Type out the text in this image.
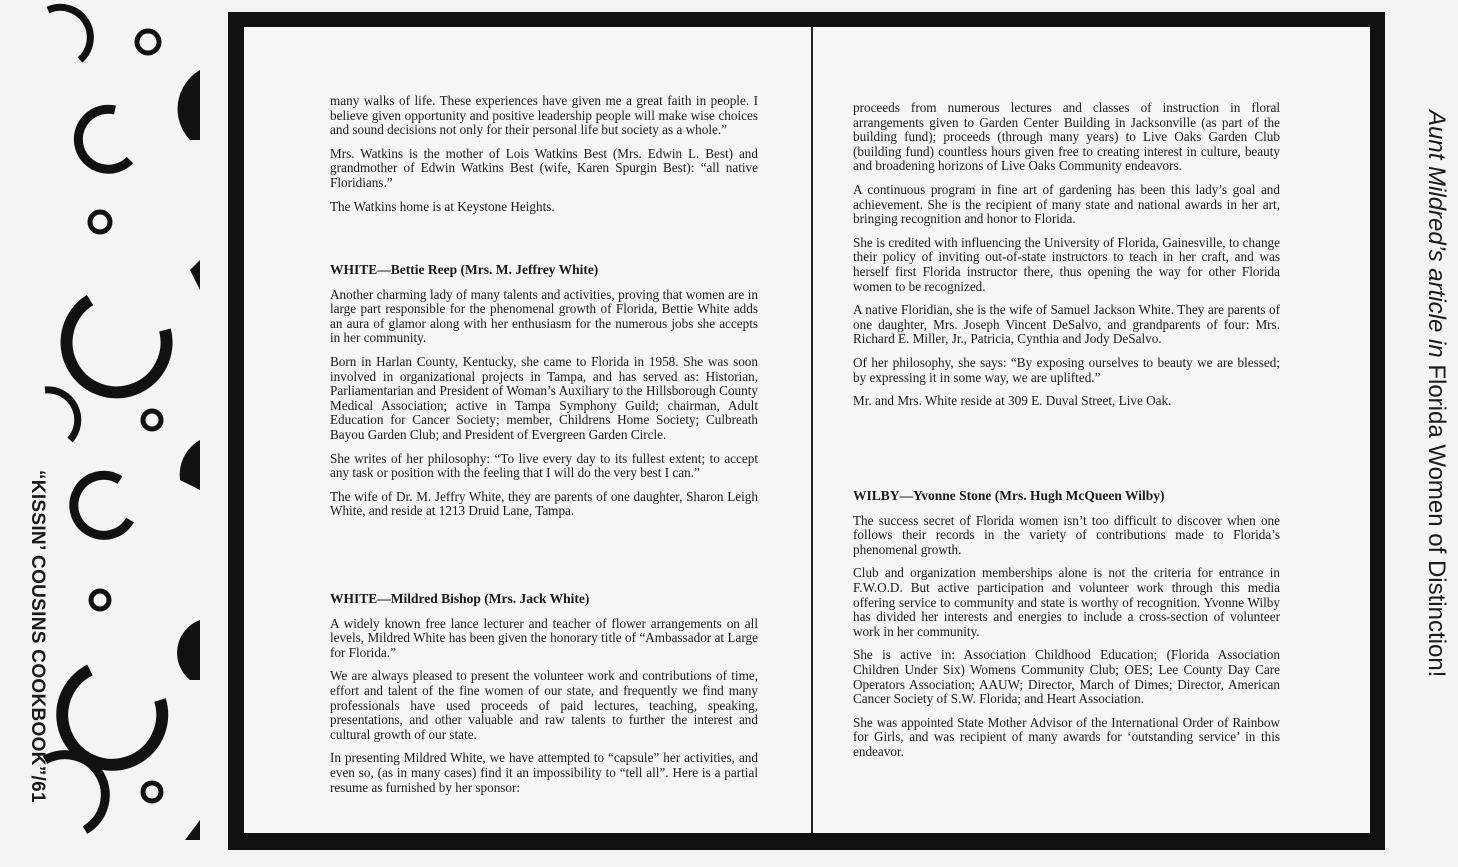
“KISSIN’ COUSINS COOKBOOK”/61
Aunt Mildred’s article in Florida Women of Distinction!

many walks of life. These experiences have given me a great faith in people. I believe given opportunity and positive leadership people will make wise choices and sound decisions not only for their personal life but society as a whole.”

Mrs. Watkins is the mother of Lois Watkins Best (Mrs. Edwin L. Best) and grandmother of Edwin Watkins Best (wife, Karen Spurgin Best): “all native Floridians.”

The Watkins home is at Keystone Heights.

WHITE—Bettie Reep (Mrs. M. Jeffrey White)

Another charming lady of many talents and activities, proving that women are in large part responsible for the phenomenal growth of Florida, Bettie White adds an aura of glamor along with her enthusiasm for the numerous jobs she accepts in her community.

Born in Harlan County, Kentucky, she came to Florida in 1958. She was soon involved in organizational projects in Tampa, and has served as: Historian, Parliamentarian and President of Woman’s Auxiliary to the Hillsborough County Medical Association; active in Tampa Symphony Guild; chairman, Adult Education for Cancer Society; member, Childrens Home Society; Culbreath Bayou Garden Club; and President of Evergreen Garden Circle.

She writes of her philosophy: “To live every day to its fullest extent; to accept any task or position with the feeling that I will do the very best I can.”

The wife of Dr. M. Jeffry White, they are parents of one daughter, Sharon Leigh White, and reside at 1213 Druid Lane, Tampa.

WHITE—Mildred Bishop (Mrs. Jack White)

A widely known free lance lecturer and teacher of flower arrangements on all levels, Mildred White has been given the honorary title of “Ambassador at Large for Florida.”

We are always pleased to present the volunteer work and contributions of time, effort and talent of the fine women of our state, and frequently we find many professionals have used proceeds of paid lectures, teaching, speaking, presentations, and other valuable and raw talents to further the interest and cultural growth of our state.

In presenting Mildred White, we have attempted to “capsule” her activities, and even so, (as in many cases) find it an impossibility to “tell all”. Here is a partial resume as furnished by her sponsor:

proceeds from numerous lectures and classes of instruction in floral arrangements given to Garden Center Building in Jacksonville (as part of the building fund); proceeds (through many years) to Live Oaks Garden Club (building fund) countless hours given free to creating interest in culture, beauty and broadening horizons of Live Oaks Community endeavors.

A continuous program in fine art of gardening has been this lady’s goal and achievement. She is the recipient of many state and national awards in her art, bringing recognition and honor to Florida.

She is credited with influencing the University of Florida, Gainesville, to change their policy of inviting out-of-state instructors to teach in her craft, and was herself first Florida instructor there, thus opening the way for other Florida women to be recognized.

A native Floridian, she is the wife of Samuel Jackson White. They are parents of one daughter, Mrs. Joseph Vincent DeSalvo, and grandparents of four: Mrs. Richard E. Miller, Jr., Patricia, Cynthia and Jody DeSalvo.

Of her philosophy, she says: “By exposing ourselves to beauty we are blessed; by expressing it in some way, we are uplifted.”

Mr. and Mrs. White reside at 309 E. Duval Street, Live Oak.

WILBY—Yvonne Stone (Mrs. Hugh McQueen Wilby)

The success secret of Florida women isn’t too difficult to discover when one follows their records in the variety of contributions made to Florida’s phenomenal growth.

Club and organization memberships alone is not the criteria for entrance in F.W.O.D. But active participation and volunteer work through this media offering service to community and state is worthy of recognition. Yvonne Wilby has divided her interests and energies to include a cross-section of volunteer work in her community.

She is active in: Association Childhood Education; (Florida Association Children Under Six) Womens Community Club; OES; Lee County Day Care Operators Association; AAUW; Director, March of Dimes; Director, American Cancer Society of S.W. Florida; and Heart Association.

She was appointed State Mother Advisor of the International Order of Rainbow for Girls, and was recipient of many awards for ‘outstanding service’ in this endeavor.
